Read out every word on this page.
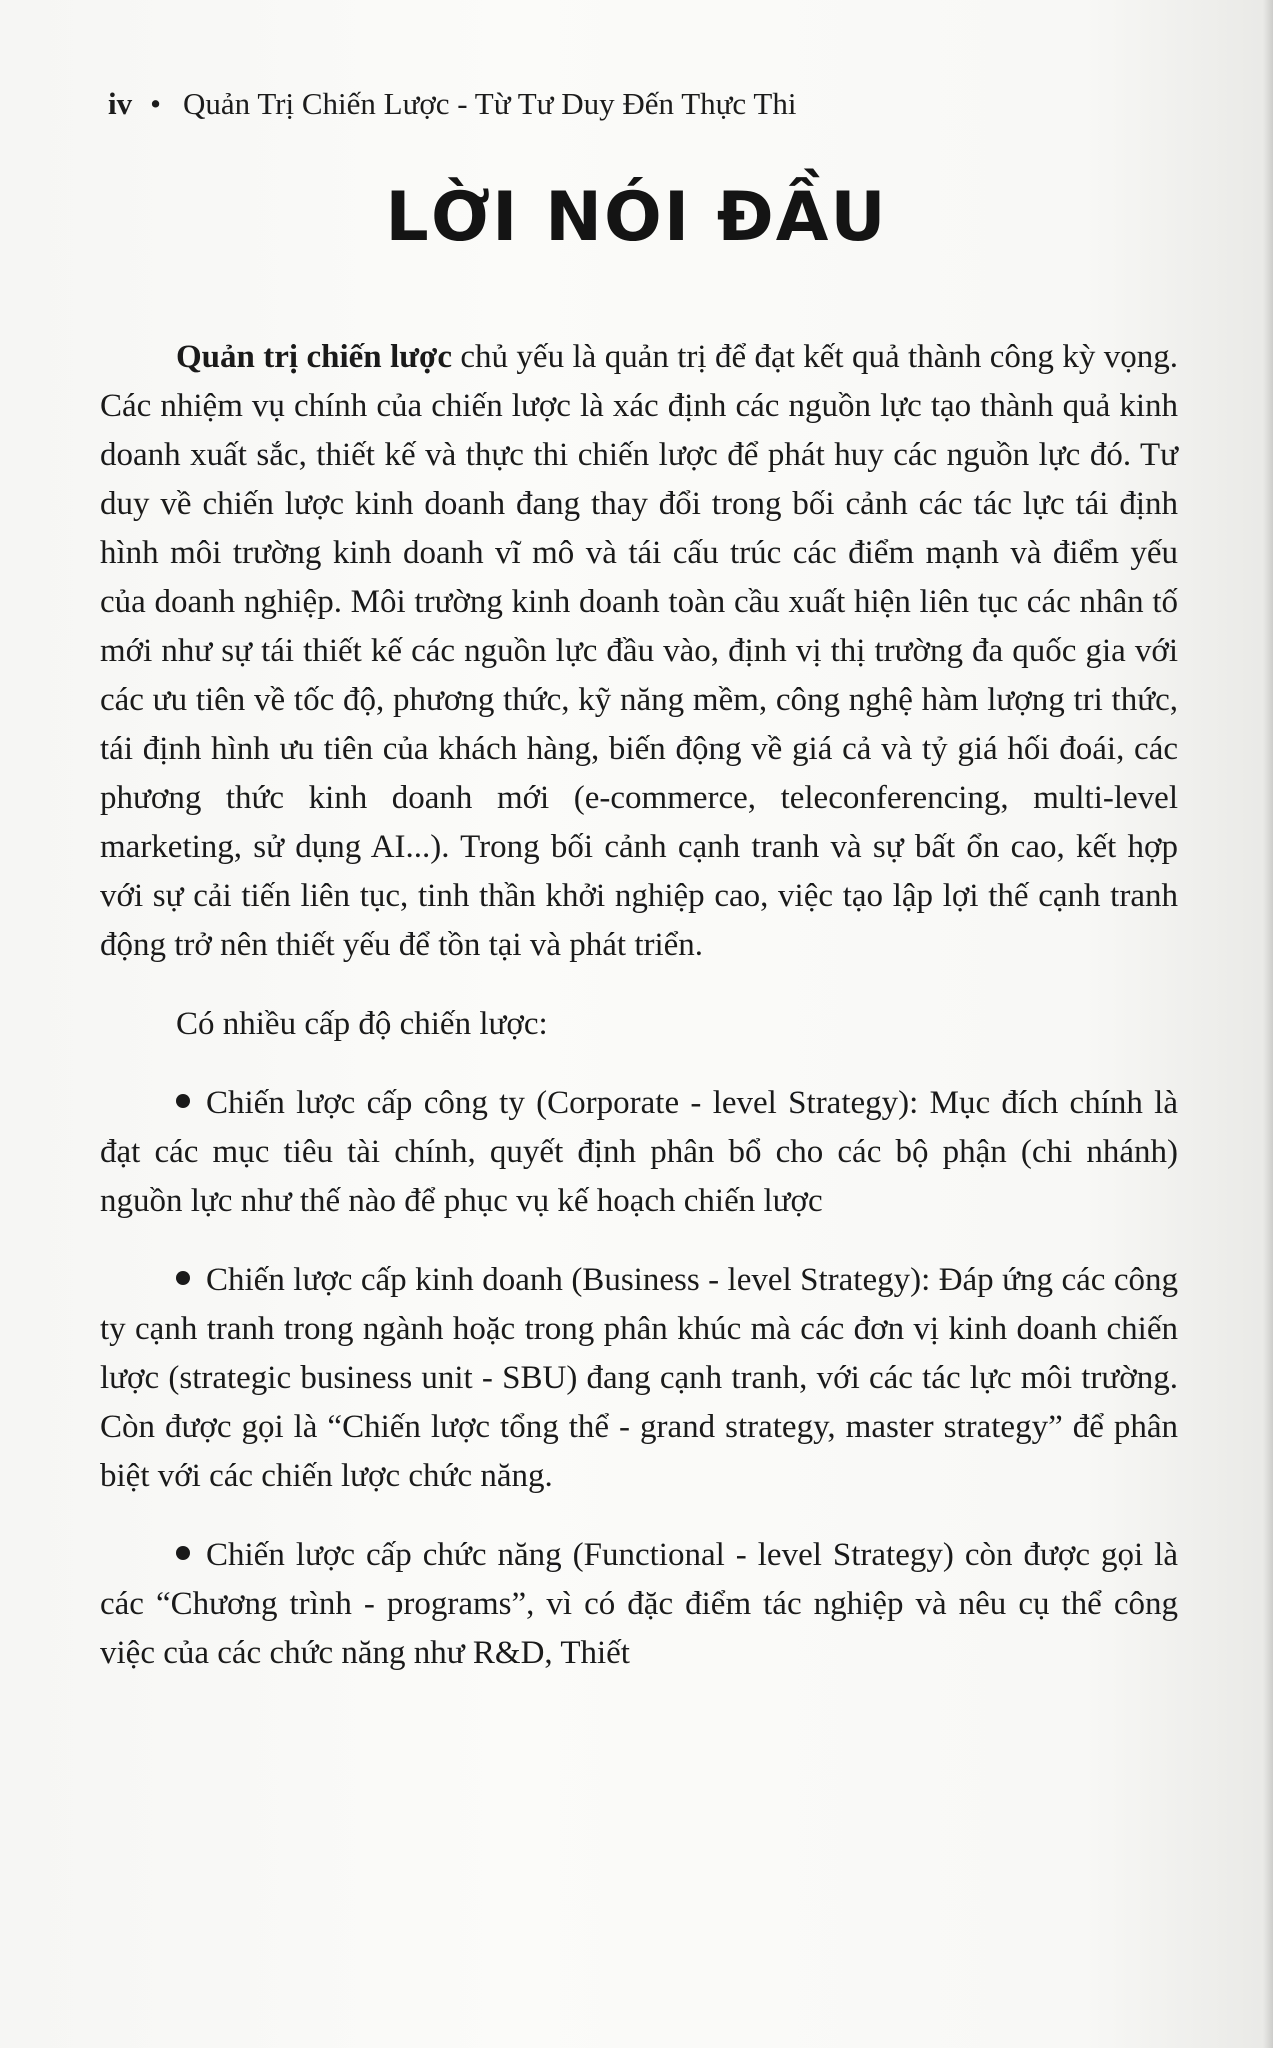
iv • Quản Trị Chiến Lược - Từ Tư Duy Đến Thực Thi
LỜI NÓI ĐẦU

Quản trị chiến lược chủ yếu là quản trị để đạt kết quả thành công kỳ vọng. Các nhiệm vụ chính của chiến lược là xác định các nguồn lực tạo thành quả kinh doanh xuất sắc, thiết kế và thực thi chiến lược để phát huy các nguồn lực đó. Tư duy về chiến lược kinh doanh đang thay đổi trong bối cảnh các tác lực tái định hình môi trường kinh doanh vĩ mô và tái cấu trúc các điểm mạnh và điểm yếu của doanh nghiệp. Môi trường kinh doanh toàn cầu xuất hiện liên tục các nhân tố mới như sự tái thiết kế các nguồn lực đầu vào, định vị thị trường đa quốc gia với các ưu tiên về tốc độ, phương thức, kỹ năng mềm, công nghệ hàm lượng tri thức, tái định hình ưu tiên của khách hàng, biến động về giá cả và tỷ giá hối đoái, các phương thức kinh doanh mới (e-commerce, teleconferencing, multi-level marketing, sử dụng AI...). Trong bối cảnh cạnh tranh và sự bất ổn cao, kết hợp với sự cải tiến liên tục, tinh thần khởi nghiệp cao, việc tạo lập lợi thế cạnh tranh động trở nên thiết yếu để tồn tại và phát triển.

Có nhiều cấp độ chiến lược:

Chiến lược cấp công ty (Corporate - level Strategy): Mục đích chính là đạt các mục tiêu tài chính, quyết định phân bổ cho các bộ phận (chi nhánh) nguồn lực như thế nào để phục vụ kế hoạch chiến lược

Chiến lược cấp kinh doanh (Business - level Strategy): Đáp ứng các công ty cạnh tranh trong ngành hoặc trong phân khúc mà các đơn vị kinh doanh chiến lược (strategic business unit - SBU) đang cạnh tranh, với các tác lực môi trường. Còn được gọi là “Chiến lược tổng thể - grand strategy, master strategy” để phân biệt với các chiến lược chức năng.

Chiến lược cấp chức năng (Functional - level Strategy) còn được gọi là các “Chương trình - programs”, vì có đặc điểm tác nghiệp và nêu cụ thể công việc của các chức năng như R&D, Thiết
